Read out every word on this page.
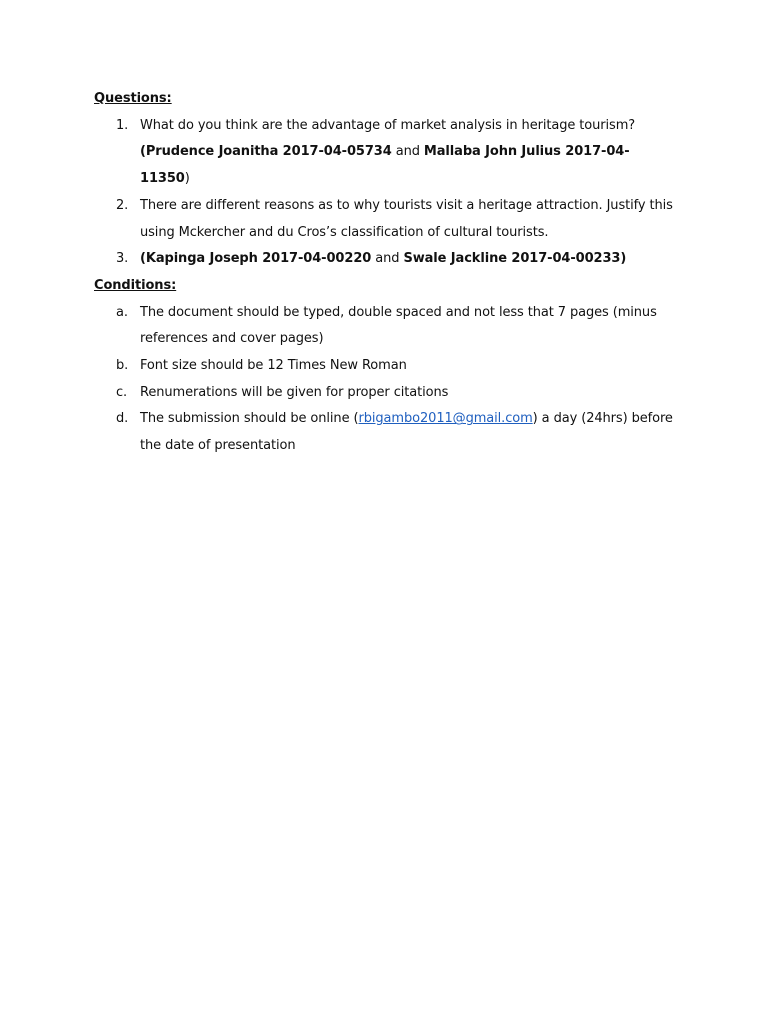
Questions:

1. What do you think are the advantage of market analysis in heritage tourism?
(Prudence Joanitha 2017-04-05734 and Mallaba John Julius 2017-04-11350)
2. There are different reasons as to why tourists visit a heritage attraction. Justify this using Mckercher and du Cros’s classification of cultural tourists.
3. (Kapinga Joseph 2017-04-00220 and Swale Jackline 2017-04-00233)

Conditions:

a. The document should be typed, double spaced and not less that 7 pages (minus references and cover pages)
b. Font size should be 12 Times New Roman
c. Renumerations will be given for proper citations
d. The submission should be online (rbigambo2011@gmail.com) a day (24hrs) before the date of presentation
